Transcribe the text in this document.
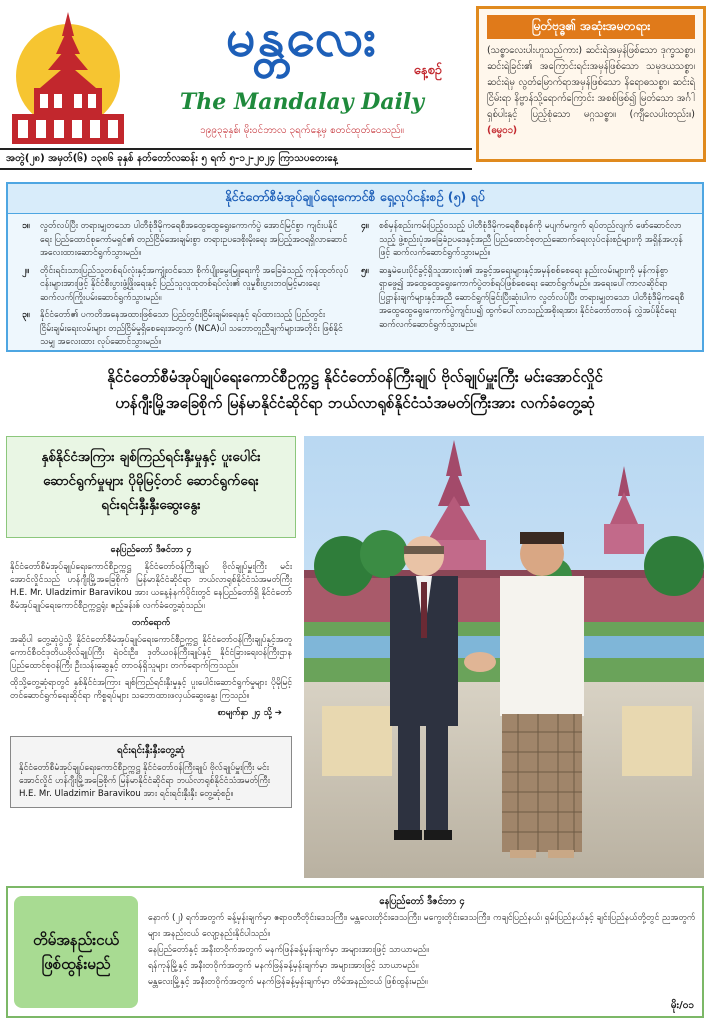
မန္တလေး
နေ့စဉ်
The Mandalay Daily
၁၉၉၃ခုနှစ်၊ မိုးဝင်ဘာလ ၃ရက်နေ့မှ စတင်ထုတ်ဝေသည်။
မြတ်ဗုဒ္ဓ၏ အဆုံးအမတရား
(သစ္စာလေးပါးဟူသည်ကား) ဆင်းရဲအမှန်ဖြစ်သော ဒုက္ခသစ္စာ၊ ဆင်းရဲခြင်း၏ အကြောင်းရင်းအမှန်ဖြစ်သော သမုဒယသစ္စာ၊ ဆင်းရဲမှ လွတ်မြောက်ရာအမှန်ဖြစ်သော နိရောဓသစ္စာ၊ ဆင်းရဲငြိမ်းရာ နိဗ္ဗာန်သို့ရောက်ကြောင်း အစစ်ဖြစ်၍ မြတ်သော အင်္ဂါရှစ်ပါးနှင့် ပြည့်စုံသော မဂ္ဂသစ္စာ။ (ကျီလေပါးတည်း။) (ဓမ္မ၀၁)
အတွဲ(၂၈) အမှတ်(၆) ၁၃၈၆ ခုနှစ် နတ်တော်လဆန်း ၅ ရက် ၅-၁၂-၂၀၂၄ ကြာသပတေးနေ့
နိုင်ငံတော်စီမံအုပ်ချုပ်ရေးကောင်စီ ရှေ့လုပ်ငန်းစဉ် (၅) ရပ်
၁။	လွတ်လပ်ပြီး တရားမျှတသော ပါတီစုံဒီမိုကရေစီအထွေထွေရွေးကောက်ပွဲ အောင်မြင်စွာ ကျင်းပနိုင်ရေး ပြည်ထောင်စုကော်မရှင်၏ တည်ငြိမ်အေးချမ်းစွာ တရားဥပဒေစိုးမိုးရေး အပြည့်အဝရရှိလာဆောင် အလေးထားဆောင်ရွက်သွားမည်။
၂။	တိုင်းရင်းသားပြည်သူတစ်ရပ်လုံးနှင့်အကျုံးဝင်သော စိုက်ပျိုးမွေးမြူရေးကို အခြေခံသည့် ကုန်ထုတ်လုပ်ငန်းများအားဖြင့် နိုင်ငံစီးပွားဖွံ့ဖြိုးရေးနှင့် ပြည်သူလူထုတစ်ရပ်လုံး၏ လူမှုစီးပွားဘဝမြင့်မားရေး ဆက်လက်ကြိုးပမ်းဆောင်ရွက်သွားမည်။
၃။	နိုင်ငံတော်၏ ပကတိအနေအထားဖြစ်သော ပြည်တွင်းငြိမ်းချမ်းရေးနှင့် ရပ်ထားသည့် ပြည်တွင်းငြိမ်းချမ်းရေးလမ်းများ တည်ငြိမ်မှုရှိစေရေးအတွက် (NCA)ပါ သဘောတူညီချက်များအတိုင်း ဖြစ်နိုင်သမျှ အလေးထား လုပ်ဆောင်သွားမည်။
၄။	စစ်မှန်စည်းကမ်းပြည့်ဝသည့် ပါတီစုံဒီမိုကရေစီစနစ်ကို မပျက်မကွက် ရပ်တည်လျက် ဖော်ဆောင်လာသည့် ဖွဲ့စည်းပုံအခြေခံဥပဒေနှင့်အညီ ပြည်ထောင်စုတည်ဆောက်ရေးလုပ်ငန်းစဉ်များကို အရှိန်အဟုန်ဖြင့် ဆက်လက်ဆောင်ရွက်သွားမည်။
၅။	ဆန္ဒမဲပေးပိုင်ခွင့်ရှိသူအားလုံး၏ အခွင့်အရေးများနှင့်အမှန်စစ်စေရေး နည်းလမ်းများကို မှန်ကန်စွာ ရှာဖွေ၍ အထွေထွေရွေးကောက်ပွဲတစ်ရပ်ဖြစ်စေရေး ဆောင်ရွက်မည်။ အရေးပေါ်ကာလဆိုင်ရာ ပြဋ္ဌာန်းချက်များနှင့်အညီ ဆောင်ရွက်ခြင်းပြီးဆုံးပါက လွတ်လပ်ပြီး တရားမျှတသော ပါတီစုံဒီမိုကရေစီ အထွေထွေရွေးကောက်ပွဲကျင်းပ၍ ထွက်ပေါ်လာသည့်အစိုးရအား နိုင်ငံတော်တာဝန် လွှဲအပ်နိုင်ရေး ဆက်လက်ဆောင်ရွက်သွားမည်။
နိုင်ငံတော်စီမံအုပ်ချုပ်ရေးကောင်စီဥက္ကဋ္ဌ နိုင်ငံတော်ဝန်ကြီးချုပ် ဗိုလ်ချုပ်မှူးကြီး မင်းအောင်လှိုင်
ဟန်ဂျီးမြို့အခြေစိုက် မြန်မာနိုင်ငံဆိုင်ရာ ဘယ်လာရုစ်နိုင်ငံသံအမတ်ကြီးအား လက်ခံတွေ့ဆုံ
နှစ်နိုင်ငံအကြား ချစ်ကြည်ရင်းနှီးမှုနှင့် ပူးပေါင်းဆောင်ရွက်မှုများ ပိုမိုမြင့်တင် ဆောင်ရွက်ရေး ရင်းရင်းနှီးနှီးဆွေးနွေး

နေပြည်တော် ဒီဇင်ဘာ ၄

နိုင်ငံတော်စီမံအုပ်ချုပ်ရေးကောင်စီဥက္ကဋ္ဌ နိုင်ငံတော်ဝန်ကြီးချုပ် ဗိုလ်ချုပ်မှူးကြီး မင်းအောင်လှိုင်သည် ဟန်ဂျီးမြို့အခြေစိုက် မြန်မာနိုင်ငံဆိုင်ရာ ဘယ်လာရုစ်နိုင်ငံသံအမတ်ကြီး H.E. Mr. Uladzimir Baravikou အား ယနေ့နံနက်ပိုင်းတွင် နေပြည်တော်ရှိ နိုင်ငံတော်စီမံအုပ်ချုပ်ရေးကောင်စီဥက္ကဋ္ဌရုံး ဧည့်ခန်းၜ် လက်ခံတွေ့ဆုံသည်။

တက်ရောက်

အဆိုပါ တွေ့ဆုံပွဲသို့ နိုင်ငံတော်စီမံအုပ်ချုပ်ရေးကောင်စီဥက္ကဋ္ဌ နိုင်ငံတော်ဝန်ကြီးချုပ်နှင့်အတူ ကောင်စီဝင်ဒုတိယဗိုလ်ချုပ်ကြီး ရဲဝင်းဦး၊ ဒုတိယဝန်ကြီးချုပ်နှင့် နိုင်ငံခြားရေးဝန်ကြီးဌာန ပြည်ထောင်စုဝန်ကြီး ဦးသန်းဆွေနှင့် တာဝန်ရှိသူများ တက်ရောက်ကြသည်။

ထိုသို့တွေ့ဆုံရာတွင် နှစ်နိုင်ငံအကြား ချစ်ကြည်ရင်းနှီးမှုနှင့် ပူးပေါင်းဆောင်ရွက်မှုများ ပိုမိုမြင့်တင်ဆောင်ရွက်ရေးဆိုင်ရာ ကိစ္စရပ်များ သဘောထားဖလှယ်ဆွေးနွေး ကြသည်။

စာမျက်နှာ ၂၄ သို့ ➔

ရင်းရင်းနှီးနှီးတွေ့ဆုံ
နိုင်ငံတော်စီမံအုပ်ချုပ်ရေးကောင်စီဥက္ကဋ္ဌ နိုင်ငံတော်ဝန်ကြီးချုပ် ဗိုလ်ချုပ်မှူးကြီး မင်းအောင်လှိုင် ဟန်ဂျီးမြို့အခြေစိုက် မြန်မာနိုင်ငံဆိုင်ရာ ဘယ်လာရုစ်နိုင်ငံသံအမတ်ကြီး H.E. Mr. Uladzimir Baravikou အား ရင်းရင်းနှီးနှီး တွေ့ဆုံစဉ်။
တိမ်အနည်းငယ် ဖြစ်ထွန်းမည်
နေပြည်တော် ဒီဇင်ဘာ ၄
နောက် (၂) ရက်အတွက် ခန့်မှန်းချက်မှာ ဧရာဝတီတိုင်းဒေသကြီး၊ မန္တလေးတိုင်းဒေသကြီး၊ မကွေးတိုင်းဒေသကြီး၊ ကချင်ပြည်နယ်၊ ရှမ်းပြည်နယ်နှင့် ချင်းပြည်နယ်တို့တွင် ညအတွက်များ အနည်းငယ် လျော့နည်းနိုင်ပါသည်။
နေပြည်တော်နှင့် အနီးတဝိုက်အတွက် မနက်ဖြန်ခန့်မှန်းချက်မှာ အများအားဖြင့် သာယာမည်။
ရန်ကုန်မြို့နှင့် အနီးတဝိုက်အတွက် မနက်ဖြန်ခန့်မှန်းချက်မှာ အများအားဖြင့် သာယာမည်။
မန္တလေးမြို့နှင့် အနီးတဝိုက်အတွက် မနက်ဖြန်ခန့်မှန်းချက်မှာ တိမ်အနည်းငယ် ဖြစ်ထွန်းမည်။
မိုး/၀၁
